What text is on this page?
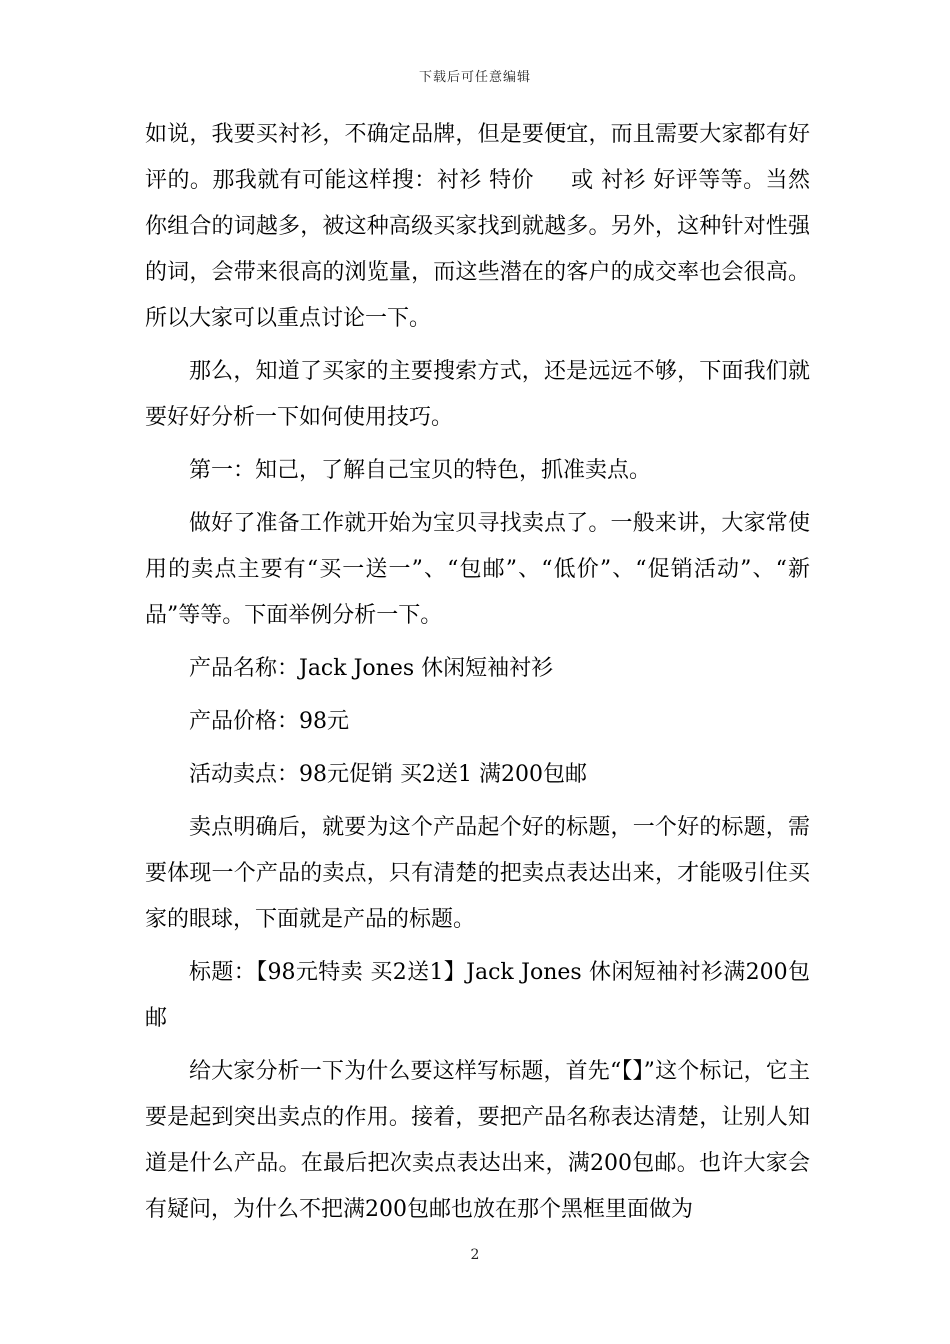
下载后可任意编辑

如说，我要买衬衫，不确定品牌，但是要便宜，而且需要大家都有好评的。那我就有可能这样搜：衬衫 特价     或 衬衫 好评等等。当然你组合的词越多，被这种高级买家找到就越多。另外，这种针对性强的词，会带来很高的浏览量，而这些潜在的客户的成交率也会很高。所以大家可以重点讨论一下。

那么，知道了买家的主要搜索方式，还是远远不够，下面我们就要好好分析一下如何使用技巧。

第一：知己，了解自己宝贝的特色，抓准卖点。

做好了准备工作就开始为宝贝寻找卖点了。一般来讲，大家常使用的卖点主要有“买一送一”、“包邮”、“低价”、“促销活动”、“新品”等等。下面举例分析一下。

产品名称：Jack Jones 休闲短袖衬衫

产品价格：98元

活动卖点：98元促销 买2送1 满200包邮

卖点明确后，就要为这个产品起个好的标题，一个好的标题，需要体现一个产品的卖点，只有清楚的把卖点表达出来，才能吸引住买家的眼球，下面就是产品的标题。

标题：【98元特卖 买2送1】Jack Jones 休闲短袖衬衫满200包邮

给大家分析一下为什么要这样写标题，首先“【】”这个标记，它主要是起到突出卖点的作用。接着，要把产品名称表达清楚，让别人知道是什么产品。在最后把次卖点表达出来，满200包邮。也许大家会有疑问，为什么不把满200包邮也放在那个黑框里面做为

2
